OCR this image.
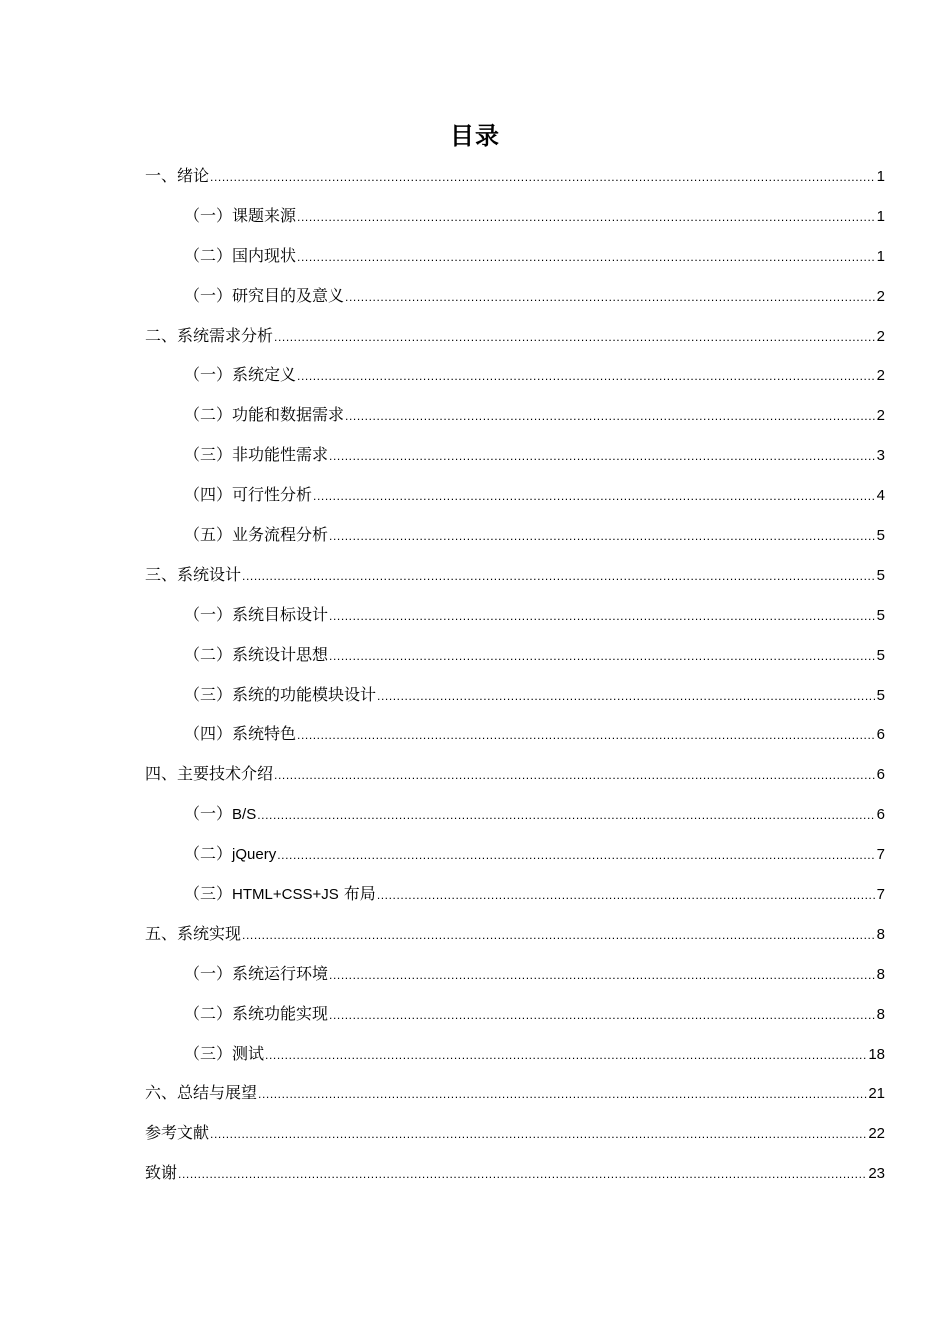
目录
一、绪论 .....	1
（一）课题来源 .....	1
（二）国内现状 .....	1
（一）研究目的及意义 .....	2
二、系统需求分析 .....	2
（一）系统定义 .....	2
（二）功能和数据需求 .....	2
（三）非功能性需求 .....	3
（四）可行性分析 .....	4
（五）业务流程分析 .....	5
三、系统设计 .....	5
（一）系统目标设计 .....	5
（二）系统设计思想 .....	5
（三）系统的功能模块设计 .....	5
（四）系统特色 .....	6
四、主要技术介绍 .....	6
（一）B/S .....	6
（二）jQuery .....	7
（三）HTML+CSS+JS 布局 .....	7
五、系统实现 .....	8
（一）系统运行环境 .....	8
（二）系统功能实现 .....	8
（三）测试 .....	18
六、总结与展望 .....	21
参考文献 .....	22
致谢 .....	23
